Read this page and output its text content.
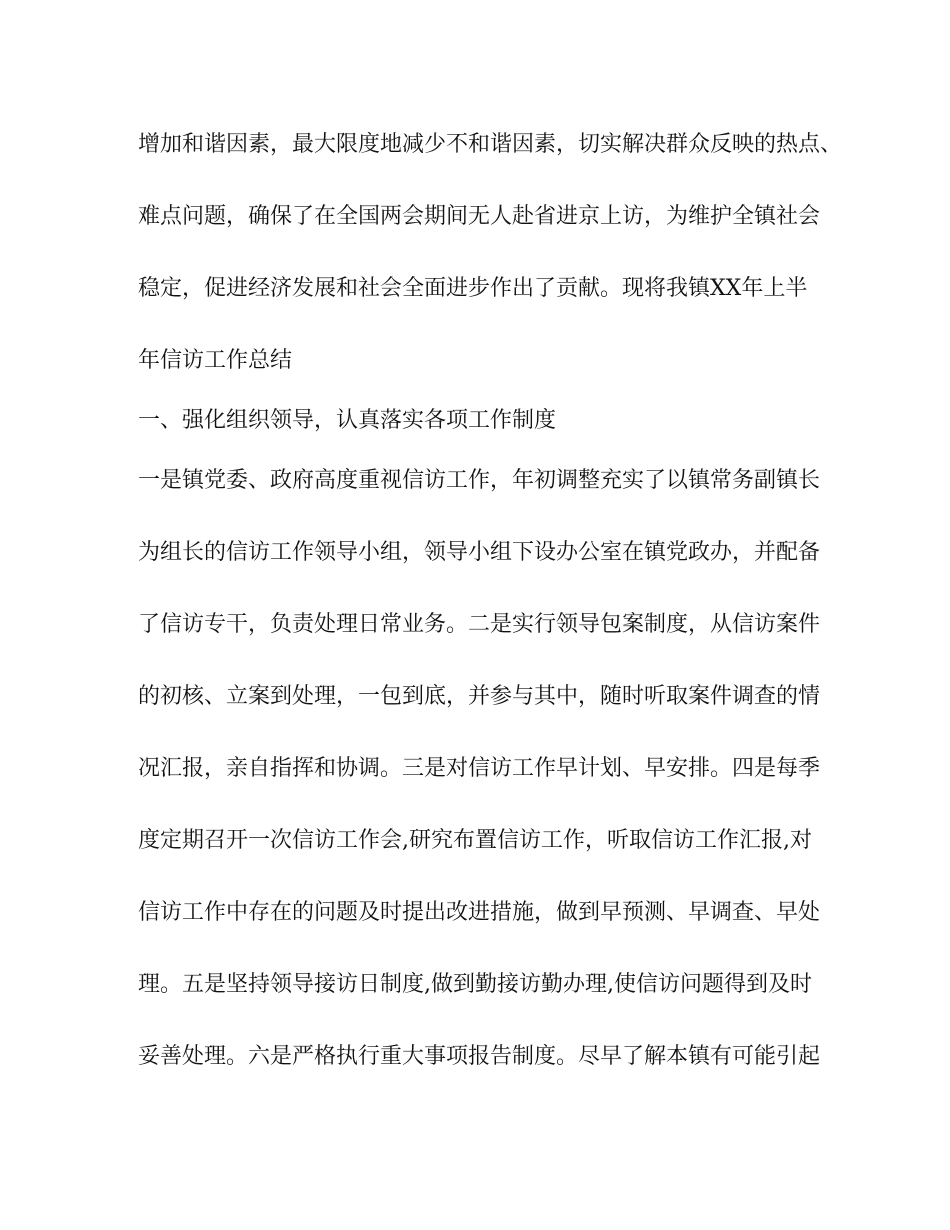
增加和谐因素，最大限度地减少不和谐因素，切实解决群众反映的热点、
难点问题，确保了在全国两会期间无人赴省进京上访，为维护全镇社会
稳定，促进经济发展和社会全面进步作出了贡献。现将我镇XX年上半
年信访工作总结
一、强化组织领导，认真落实各项工作制度
一是镇党委、政府高度重视信访工作，年初调整充实了以镇常务副镇长
为组长的信访工作领导小组，领导小组下设办公室在镇党政办，并配备
了信访专干，负责处理日常业务。二是实行领导包案制度，从信访案件
的初核、立案到处理，一包到底，并参与其中，随时听取案件调查的情
况汇报，亲自指挥和协调。三是对信访工作早计划、早安排。四是每季
度定期召开一次信访工作会,研究布置信访工作，听取信访工作汇报,对
信访工作中存在的问题及时提出改进措施，做到早预测、早调查、早处
理。五是坚持领导接访日制度,做到勤接访勤办理,使信访问题得到及时
妥善处理。六是严格执行重大事项报告制度。尽早了解本镇有可能引起
